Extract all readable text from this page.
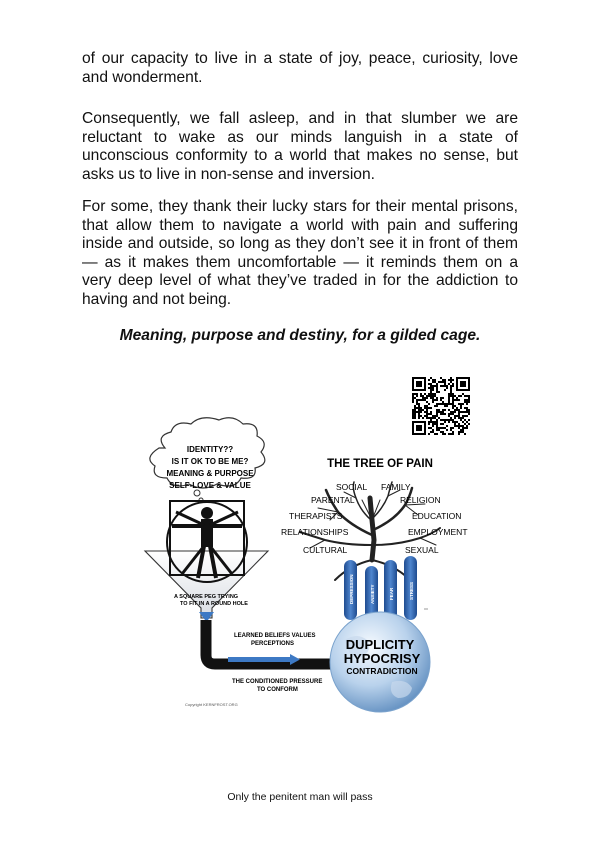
of our capacity to live in a state of joy, peace, curiosity, love and wonderment.

Consequently, we fall asleep, and in that slumber we are reluctant to wake as our minds languish in a state of unconscious conformity to a world that makes no sense, but asks us to live in non-sense and inversion.

For some, they thank their lucky stars for their mental prisons, that allow them to navigate a world with pain and suffering inside and outside, so long as they don’t see it in front of them — as it makes them uncomfortable — it reminds them on a very deep level of what they’ve traded in for the addiction to having and not being.

Meaning, purpose and destiny, for a gilded cage.

IDENTITY??
IS IT OK TO BE ME?
MEANING & PURPOSE
SELF-LOVE & VALUE
A SQUARE PEG TRYING
TO FIT IN A ROUND HOLE
LEARNED BELIEFS VALUES
PERCEPTIONS
THE CONDITIONED PRESSURE
TO CONFORM
Copyright KERNFROST.ORG
THE TREE OF PAIN
SOCIAL FAMILY
PARENTAL	RELIGION
THERAPISTS	EDUCATION
RELATIONSHIPS	EMPLOYMENT
CULTURAL	SEXUAL
DEPRESSION	ANXIETY	FEAR	STRESS
DUPLICITY
HYPOCRISY
CONTRADICTION
Only the penitent man will pass
